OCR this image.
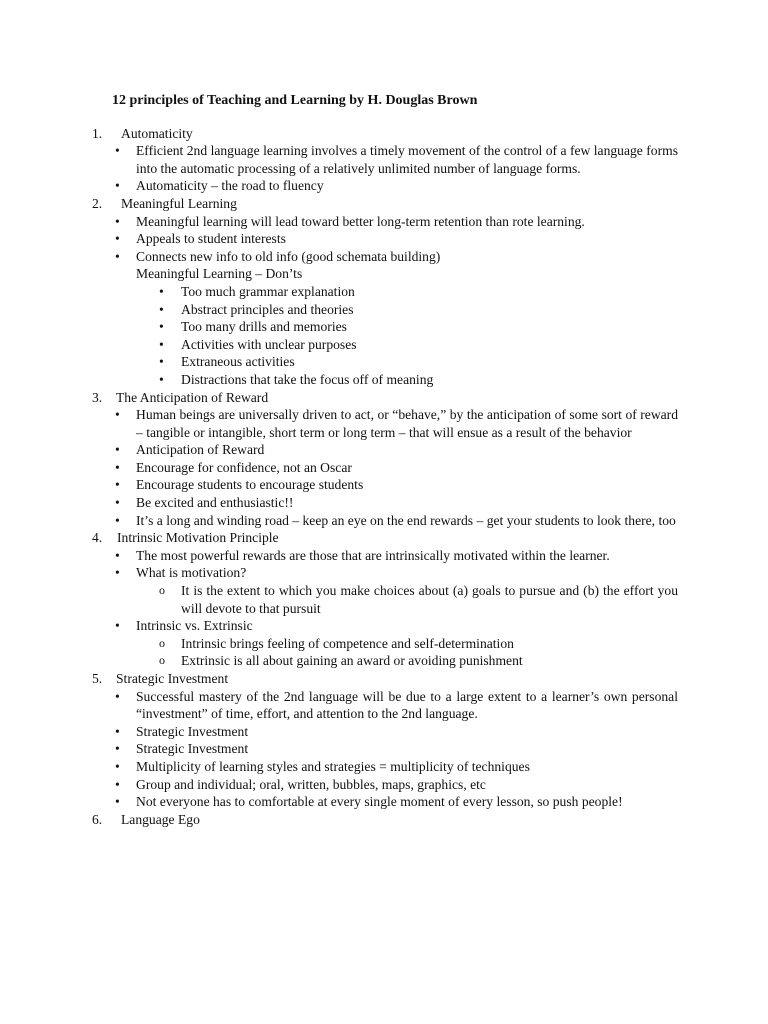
12 principles of Teaching and Learning by H. Douglas Brown
1.	Automaticity
• Efficient 2nd language learning involves a timely movement of the control of a few language forms into the automatic processing of a relatively unlimited number of language forms.
• Automaticity – the road to fluency
2.	Meaningful Learning
• Meaningful learning will lead toward better long-term retention than rote learning.
• Appeals to student interests
• Connects new info to old info (good schemata building)
Meaningful Learning – Don’ts
• Too much grammar explanation
• Abstract principles and theories
• Too many drills and memories
• Activities with unclear purposes
• Extraneous activities
• Distractions that take the focus off of meaning
3.	The Anticipation of Reward
• Human beings are universally driven to act, or “behave,” by the anticipation of some sort of reward – tangible or intangible, short term or long term – that will ensue as a result of the behavior
• Anticipation of Reward
• Encourage for confidence, not an Oscar
• Encourage students to encourage students
• Be excited and enthusiastic!!
• It’s a long and winding road – keep an eye on the end rewards – get your students to look there, too
4.	Intrinsic Motivation Principle
• The most powerful rewards are those that are intrinsically motivated within the learner.
• What is motivation?
o It is the extent to which you make choices about (a) goals to pursue and (b) the effort you will devote to that pursuit
• Intrinsic vs. Extrinsic
o Intrinsic brings feeling of competence and self-determination
o Extrinsic is all about gaining an award or avoiding punishment
5.	Strategic Investment
• Successful mastery of the 2nd language will be due to a large extent to a learner’s own personal “investment” of time, effort, and attention to the 2nd language.
• Strategic Investment
• Strategic Investment
• Multiplicity of learning styles and strategies = multiplicity of techniques
• Group and individual; oral, written, bubbles, maps, graphics, etc
• Not everyone has to comfortable at every single moment of every lesson, so push people!
6.	Language Ego
